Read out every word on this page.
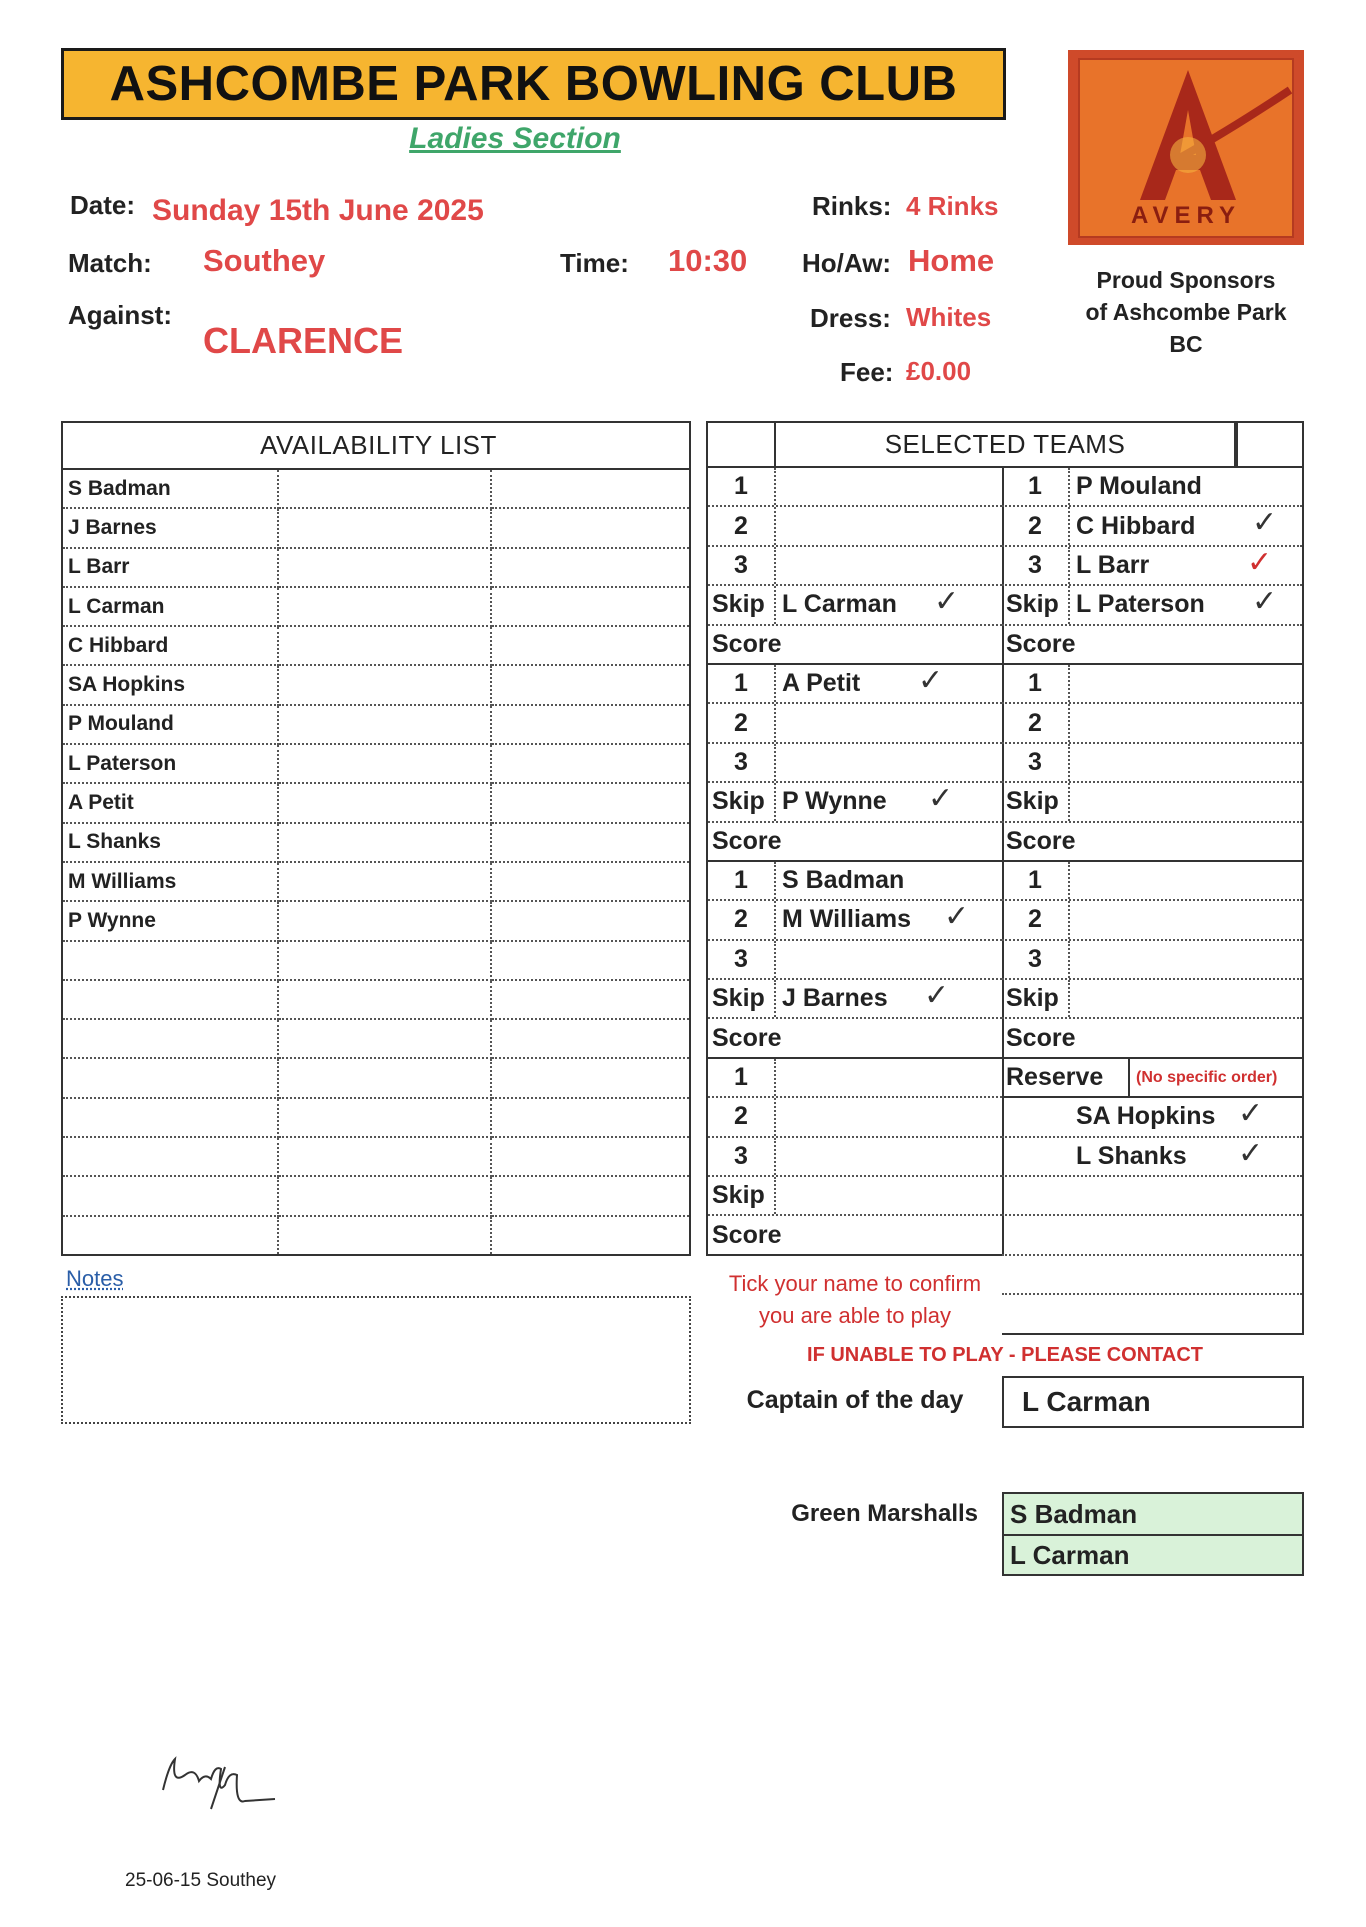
ASHCOMBE PARK BOWLING CLUB
Ladies Section
Date: Sunday 15th June 2025
Match: Southey	Time: 10:30
Against:
CLARENCE
Rinks: 4 Rinks
Ho/Aw: Home
Dress: Whites
Fee: £0.00
AVERY
Proud Sponsors
of Ashcombe Park
BC
AVAILABILITY LIST		
S Badman		
J Barnes		
L Barr		
L Carman		
C Hibbard		
SA Hopkins		
P Mouland		
L Paterson		
A Petit		
L Shanks		
M Williams		
P Wynne		

SELECTED TEAMS
1
2
3
Skip L Carman ✓
Score
1	A Petit ✓
2
3
Skip P Wynne ✓
Score
1	S Badman
2	M Williams ✓
3
Skip J Barnes ✓
Score
1
2
3
Skip
Score
1	P Mouland
2	C Hibbard ✓
3	L Barr	✓
Skip L Paterson ✓
Score
1
2
3
Skip
Score
1
2
3
Skip
Score
Reserve	(No specific order)
SA Hopkins ✓
L Shanks ✓
Notes	Tick your name to confirm
you are able to play
IF UNABLE TO PLAY - PLEASE CONTACT
Captain of the day	L Carman
Green Marshalls S Badman
L Carman
25-06-15 Southey
